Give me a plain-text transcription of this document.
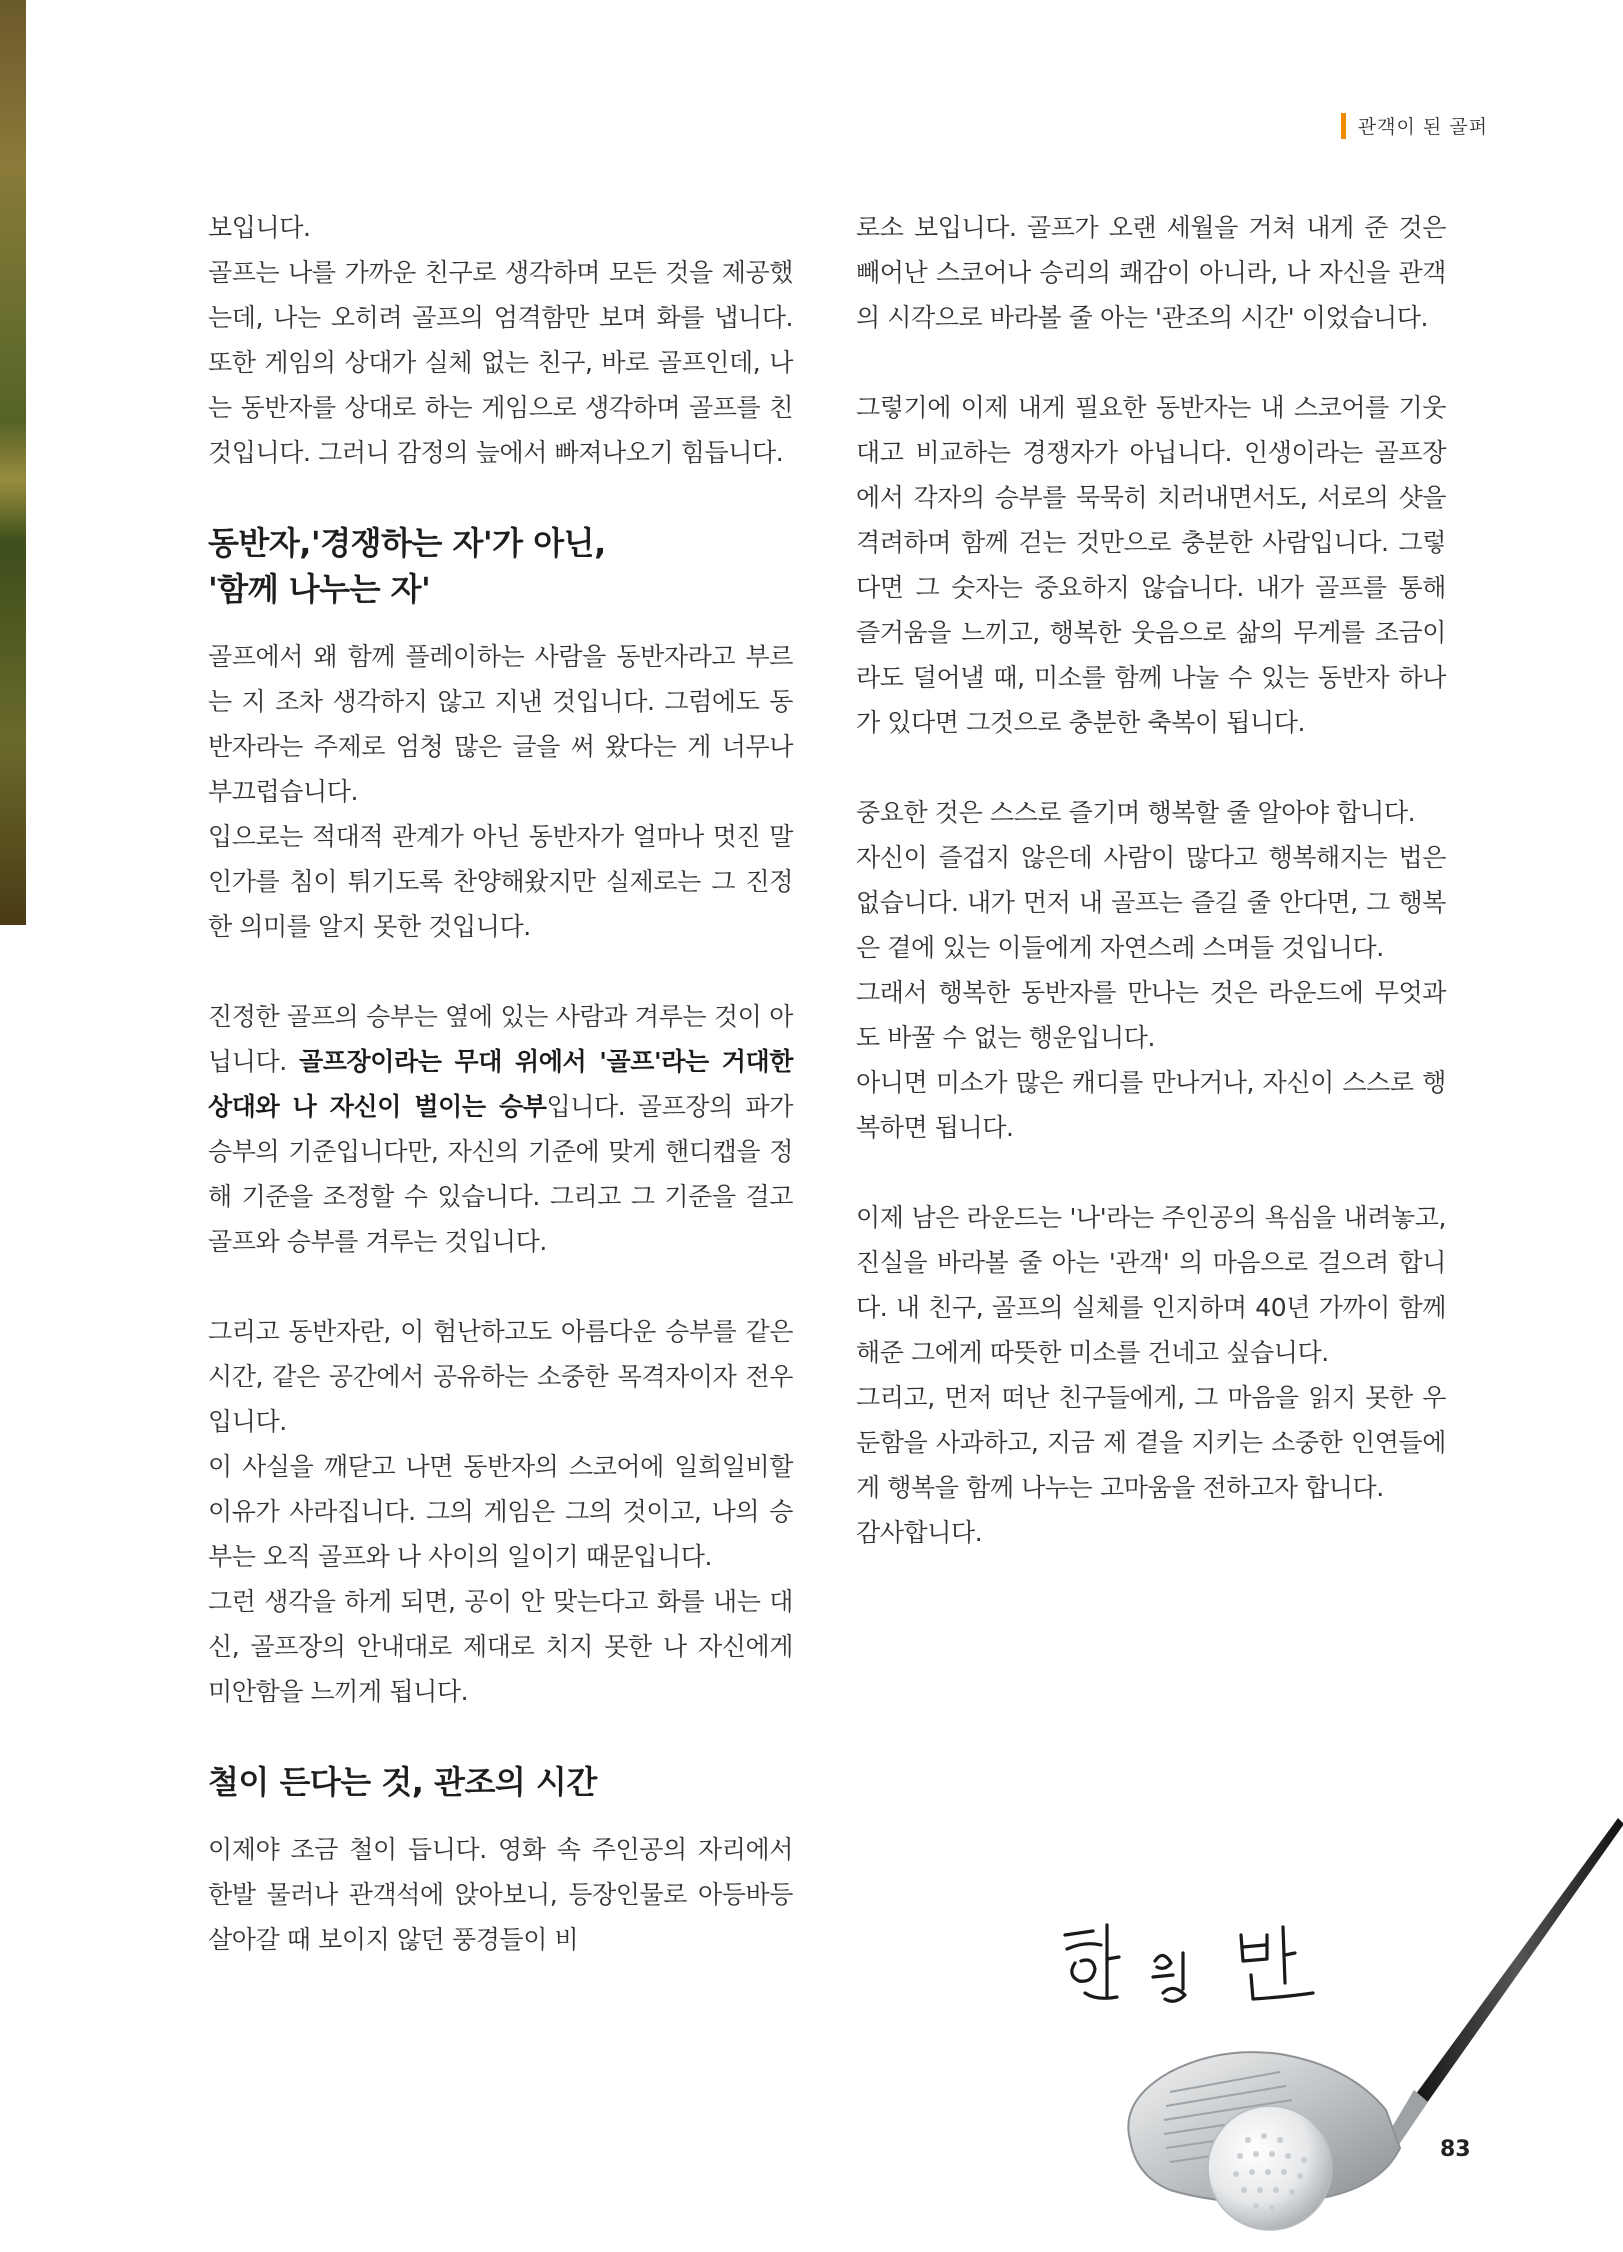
관객이 된 골퍼

보입니다.

골프는 나를 가까운 친구로 생각하며 모든 것을 제공했는데, 나는 오히려 골프의 엄격함만 보며 화를 냅니다. 또한 게임의 상대가 실체 없는 친구, 바로 골프인데, 나는 동반자를 상대로 하는 게임으로 생각하며 골프를 친 것입니다. 그러니 감정의 늪에서 빠져나오기 힘듭니다.

동반자,'경쟁하는 자'가 아닌,
'함께 나누는 자'

골프에서 왜 함께 플레이하는 사람을 동반자라고 부르는 지 조차 생각하지 않고 지낸 것입니다. 그럼에도 동반자라는 주제로 엄청 많은 글을 써 왔다는 게 너무나 부끄럽습니다.

입으로는 적대적 관계가 아닌 동반자가 얼마나 멋진 말인가를 침이 튀기도록 찬양해왔지만 실제로는 그 진정한 의미를 알지 못한 것입니다.

진정한 골프의 승부는 옆에 있는 사람과 겨루는 것이 아닙니다. 골프장이라는 무대 위에서 '골프'라는 거대한 상대와 나 자신이 벌이는 승부입니다. 골프장의 파가 승부의 기준입니다만, 자신의 기준에 맞게 핸디캡을 정해 기준을 조정할 수 있습니다. 그리고 그 기준을 걸고 골프와 승부를 겨루는 것입니다.

그리고 동반자란, 이 험난하고도 아름다운 승부를 같은 시간, 같은 공간에서 공유하는 소중한 목격자이자 전우입니다.

이 사실을 깨닫고 나면 동반자의 스코어에 일희일비할 이유가 사라집니다. 그의 게임은 그의 것이고, 나의 승부는 오직 골프와 나 사이의 일이기 때문입니다.

그런 생각을 하게 되면, 공이 안 맞는다고 화를 내는 대신, 골프장의 안내대로 제대로 치지 못한 나 자신에게 미안함을 느끼게 됩니다.

철이 든다는 것, 관조의 시간

이제야 조금 철이 듭니다. 영화 속 주인공의 자리에서 한발 물러나 관객석에 앉아보니, 등장인물로 아등바등 살아갈 때 보이지 않던 풍경들이 비

로소 보입니다. 골프가 오랜 세월을 거쳐 내게 준 것은 빼어난 스코어나 승리의 쾌감이 아니라, 나 자신을 관객의 시각으로 바라볼 줄 아는 '관조의 시간' 이었습니다.

그렇기에 이제 내게 필요한 동반자는 내 스코어를 기웃대고 비교하는 경쟁자가 아닙니다. 인생이라는 골프장에서 각자의 승부를 묵묵히 치러내면서도, 서로의 샷을 격려하며 함께 걷는 것만으로 충분한 사람입니다. 그렇다면 그 숫자는 중요하지 않습니다. 내가 골프를 통해 즐거움을 느끼고, 행복한 웃음으로 삶의 무게를 조금이라도 덜어낼 때, 미소를 함께 나눌 수 있는 동반자 하나가 있다면 그것으로 충분한 축복이 됩니다.

중요한 것은 스스로 즐기며 행복할 줄 알아야 합니다.

자신이 즐겁지 않은데 사람이 많다고 행복해지는 법은 없습니다. 내가 먼저 내 골프는 즐길 줄 안다면, 그 행복은 곁에 있는 이들에게 자연스레 스며들 것입니다.

그래서 행복한 동반자를 만나는 것은 라운드에 무엇과도 바꿀 수 없는 행운입니다.

아니면 미소가 많은 캐디를 만나거나, 자신이 스스로 행복하면 됩니다.

이제 남은 라운드는 '나'라는 주인공의 욕심을 내려놓고, 진실을 바라볼 줄 아는 '관객' 의 마음으로 걸으려 합니다. 내 친구, 골프의 실체를 인지하며 40년 가까이 함께 해준 그에게 따뜻한 미소를 건네고 싶습니다.

그리고, 먼저 떠난 친구들에게, 그 마음을 읽지 못한 우둔함을 사과하고, 지금 제 곁을 지키는 소중한 인연들에게 행복을 함께 나누는 고마움을 전하고자 합니다.

감사합니다.

83
